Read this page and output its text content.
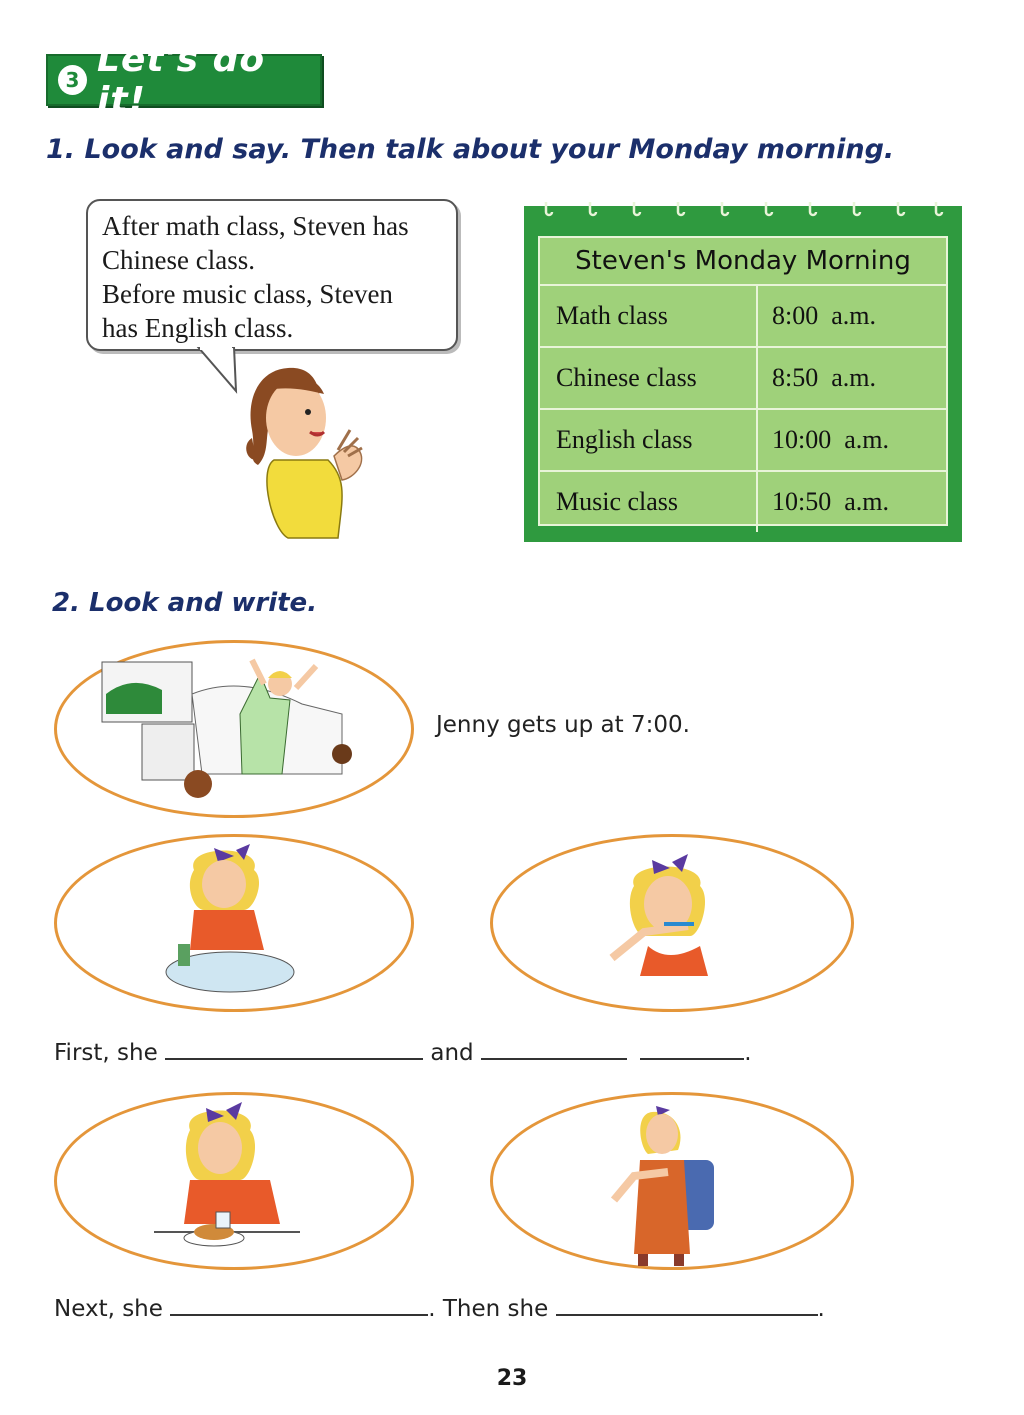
3 Let's do it!
1. Look and say. Then talk about your Monday morning.
After math class, Steven has
Chinese class.
Before music class, Steven
has English class.
Steven's Monday Morning
Math class	8:00  a.m.
Chinese class	8:50  a.m.
English class	10:00  a.m.
Music class	10:50  a.m.
2. Look and write.
Jenny gets up at 7:00.
First, she	and	.
Next, she	. Then she	.
23
